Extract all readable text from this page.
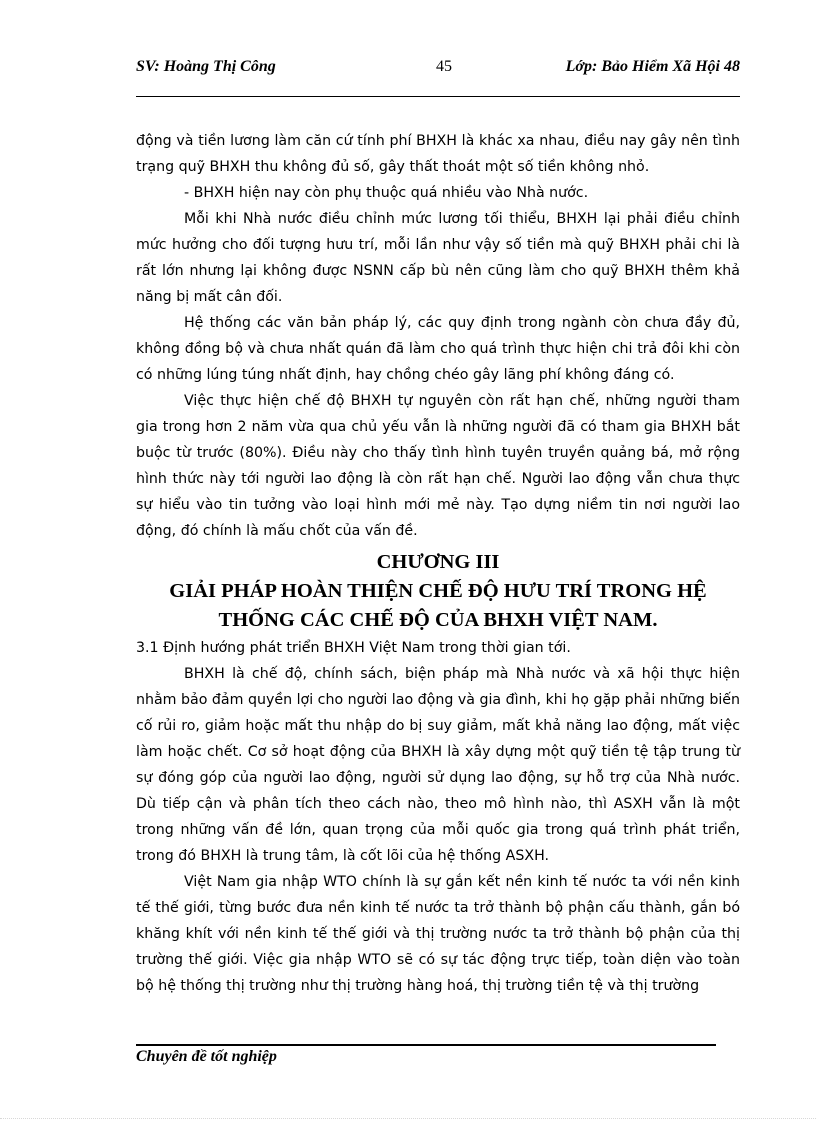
SV: Hoàng Thị Công	45	Lớp: Bảo Hiểm Xã Hội 48

động và tiền lương làm căn cứ tính phí BHXH là khác xa nhau, điều nay gây nên tình trạng quỹ BHXH thu không đủ số, gây thất thoát một số tiền không nhỏ.

- BHXH hiện nay còn phụ thuộc quá nhiều vào Nhà nước.

Mỗi khi Nhà nước điều chỉnh mức lương tối thiểu, BHXH lại phải điều chỉnh mức hưởng cho đối tượng hưu trí, mỗi lần như vậy số tiền mà quỹ BHXH phải chi là rất lớn nhưng lại không được NSNN cấp bù nên cũng làm cho quỹ BHXH thêm khả năng bị mất cân đối.

Hệ thống các văn bản pháp lý, các quy định trong ngành còn chưa đầy đủ, không đồng bộ và chưa nhất quán đã làm cho quá trình thực hiện chi trả đôi khi còn có những lúng túng nhất định, hay chồng chéo gây lãng phí không đáng có.

Việc thực hiện chế độ BHXH tự nguyên còn rất hạn chế, những người tham gia trong hơn 2 năm vừa qua chủ yếu vẫn là những người đã có tham gia BHXH bắt buộc từ trước (80%). Điều này cho thấy tình hình tuyên truyền quảng bá, mở rộng hình thức này tới người lao động là còn rất hạn chế. Người lao động vẫn chưa thực sự hiểu vào tin tưởng vào loại hình mới mẻ này. Tạo dựng niềm tin nơi người lao động, đó chính là mấu chốt của vấn đề.

CHƯƠNG III

GIẢI PHÁP HOÀN THIỆN CHẾ ĐỘ HƯU TRÍ TRONG HỆ

THỐNG CÁC CHẾ ĐỘ CỦA BHXH VIỆT NAM.

3.1 Định hướng phát triển BHXH Việt Nam trong thời gian tới.

BHXH là chế độ, chính sách, biện pháp mà Nhà nước và xã hội thực hiện nhằm bảo đảm quyền lợi cho người lao động và gia đình, khi họ gặp phải những biến cố rủi ro, giảm hoặc mất thu nhập do bị suy giảm, mất khả năng lao động, mất việc làm hoặc chết. Cơ sở hoạt động của BHXH là xây dựng một quỹ tiền tệ tập trung từ sự đóng góp của người lao động, người sử dụng lao động, sự hỗ trợ của Nhà nước. Dù tiếp cận và phân tích theo cách nào, theo mô hình nào, thì ASXH vẫn là một trong những vấn đề lớn, quan trọng của mỗi quốc gia trong quá trình phát triển, trong đó BHXH là trung tâm, là cốt lõi của hệ thống ASXH.

Việt Nam gia nhập WTO chính là sự gắn kết nền kinh tế nước ta với nền kinh tế thế giới, từng bước đưa nền kinh tế nước ta trở thành bộ phận cấu thành, gắn bó khăng khít với nền kinh tế thế giới và thị trường nước ta trở thành bộ phận của thị trường thế giới. Việc gia nhập WTO sẽ có sự tác động trực tiếp, toàn diện vào toàn bộ hệ thống thị trường như thị trường hàng hoá, thị trường tiền tệ và thị trường

Chuyên đề tốt nghiệp
